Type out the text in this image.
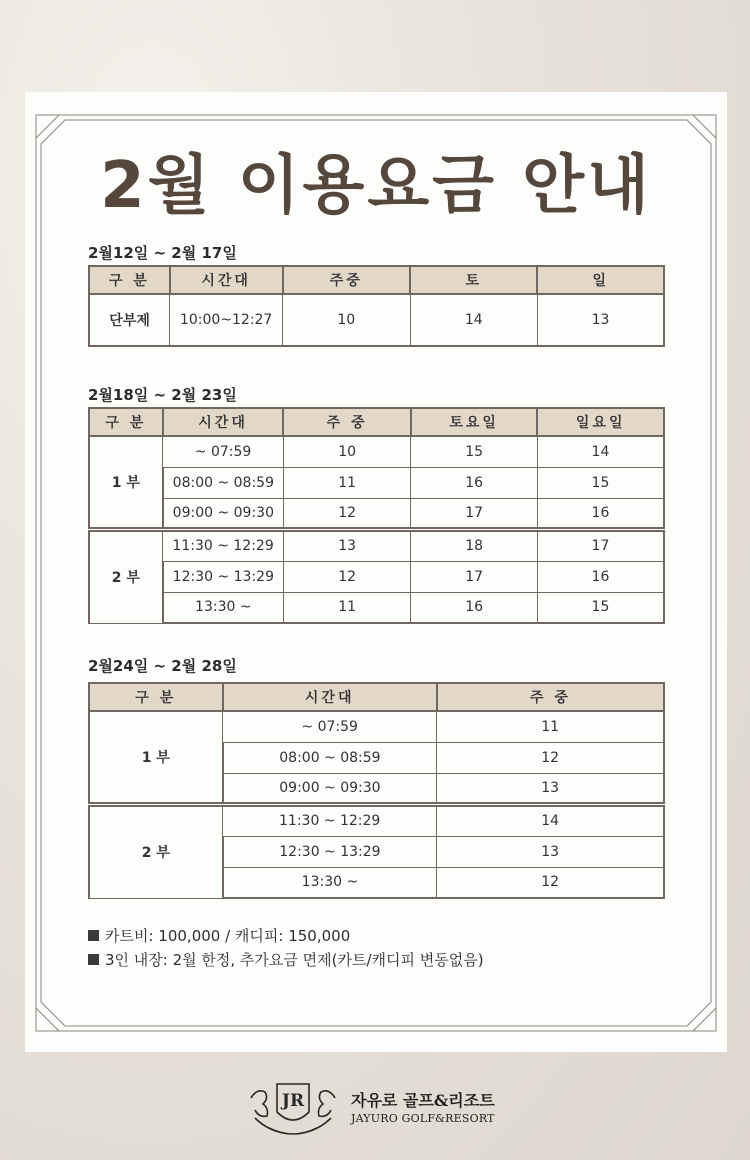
2월 이용요금 안내
2월12일 ~ 2월 17일
구 분	시간대	주중	토	일
단부제	10:00~12:27	10	14	13
2월18일 ~ 2월 23일
구 분	시간대	주 중	토요일	일요일
1 부	~ 07:59	10	15	14
	08:00 ~ 08:59	11	16	15
	09:00 ~ 09:30	12	17	16
2 부	11:30 ~ 12:29	13	18	17
	12:30 ~ 13:29	12	17	16
	13:30 ~	11	16	15
2월24일 ~ 2월 28일
구 분	시간대	주 중
1 부	~ 07:59	11
	08:00 ~ 08:59	12
	09:00 ~ 09:30	13
2 부	11:30 ~ 12:29	14
	12:30 ~ 13:29	13
	13:30 ~	12
카트비: 100,000 / 캐디피: 150,000
3인 내장: 2월 한정, 추가요금 면제(카트/캐디피 변동없음)
JR	자유로 골프&리조트
JAYURO GOLF&RESORT
